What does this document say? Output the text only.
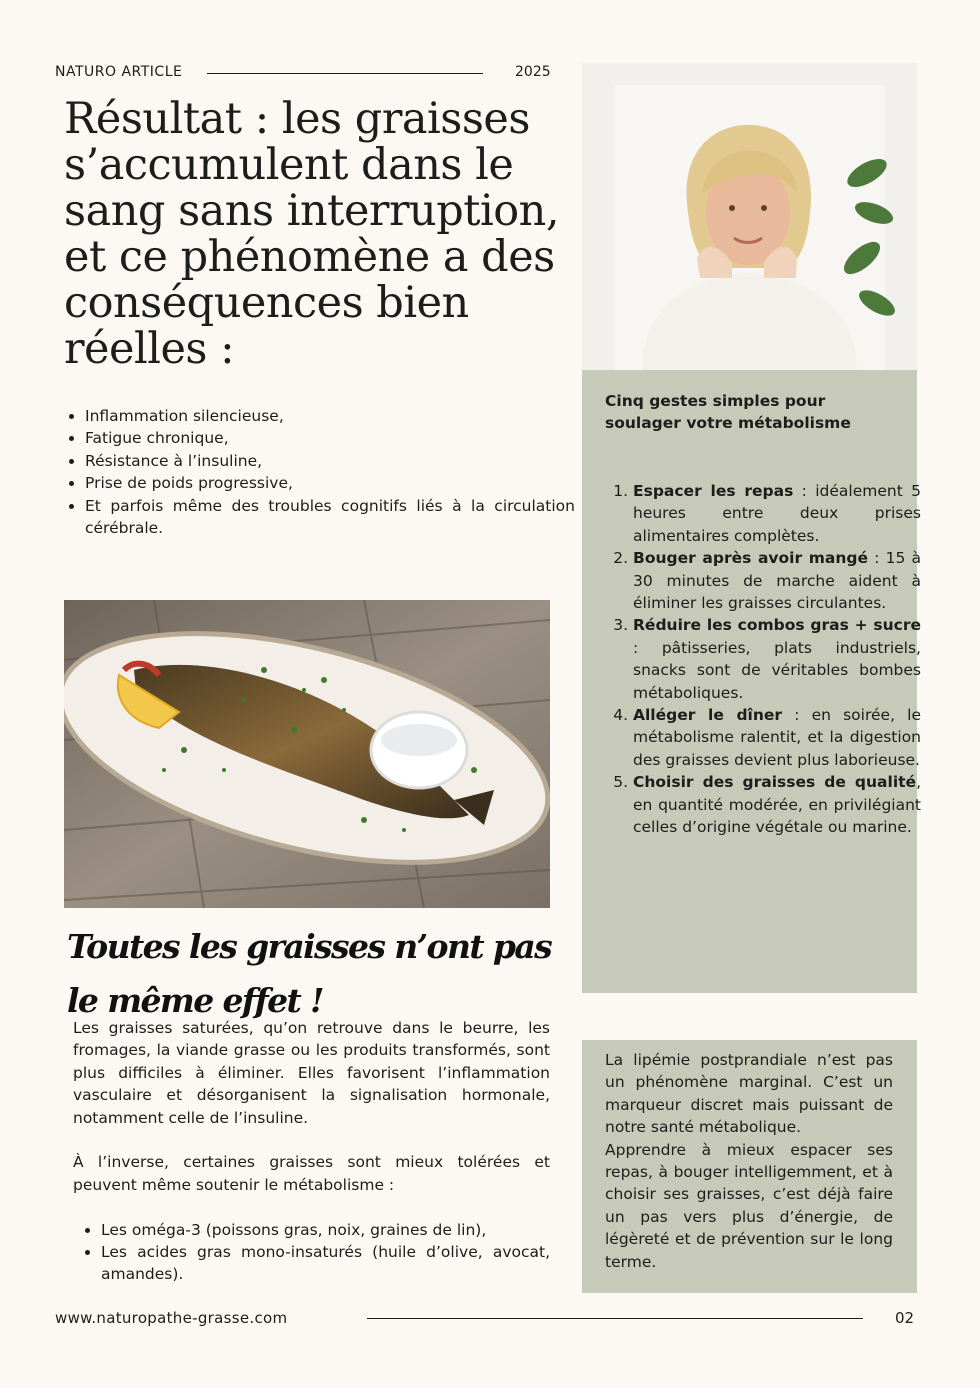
NATURO ARTICLE	2025
Résultat : les graisses s’accumulent dans le sang sans interruption, et ce phénomène a des conséquences bien réelles :
• Inflammation silencieuse,
• Fatigue chronique,
• Résistance à l’insuline,
• Prise de poids progressive,
• Et parfois même des troubles cognitifs liés à la circulation cérébrale.
Toutes les graisses n’ont pas le même effet !

Les graisses saturées, qu’on retrouve dans le beurre, les fromages, la viande grasse ou les produits transformés, sont plus difficiles à éliminer. Elles favorisent l’inflammation vasculaire et désorganisent la signalisation hormonale, notamment celle de l’insuline.

À l’inverse, certaines graisses sont mieux tolérées et peuvent même soutenir le métabolisme :

• Les oméga-3 (poissons gras, noix, graines de lin),
• Les acides gras mono-insaturés (huile d’olive, avocat, amandes).
Cinq gestes simples pour soulager votre métabolisme
1. Espacer les repas : idéalement 5 heures entre deux prises alimentaires complètes.
2. Bouger après avoir mangé : 15 à 30 minutes de marche aident à éliminer les graisses circulantes.
3. Réduire les combos gras + sucre : pâtisseries, plats industriels, snacks sont de véritables bombes métaboliques.
4. Alléger le dîner : en soirée, le métabolisme ralentit, et la digestion des graisses devient plus laborieuse.
5. Choisir des graisses de qualité, en quantité modérée, en privilégiant celles d’origine végétale ou marine.
La lipémie postprandiale n’est pas un phénomène marginal. C’est un marqueur discret mais puissant de notre santé métabolique.
Apprendre à mieux espacer ses repas, à bouger intelligemment, et à choisir ses graisses, c’est déjà faire un pas vers plus d’énergie, de légèreté et de prévention sur le long terme.
www.naturopathe-grasse.com	02
